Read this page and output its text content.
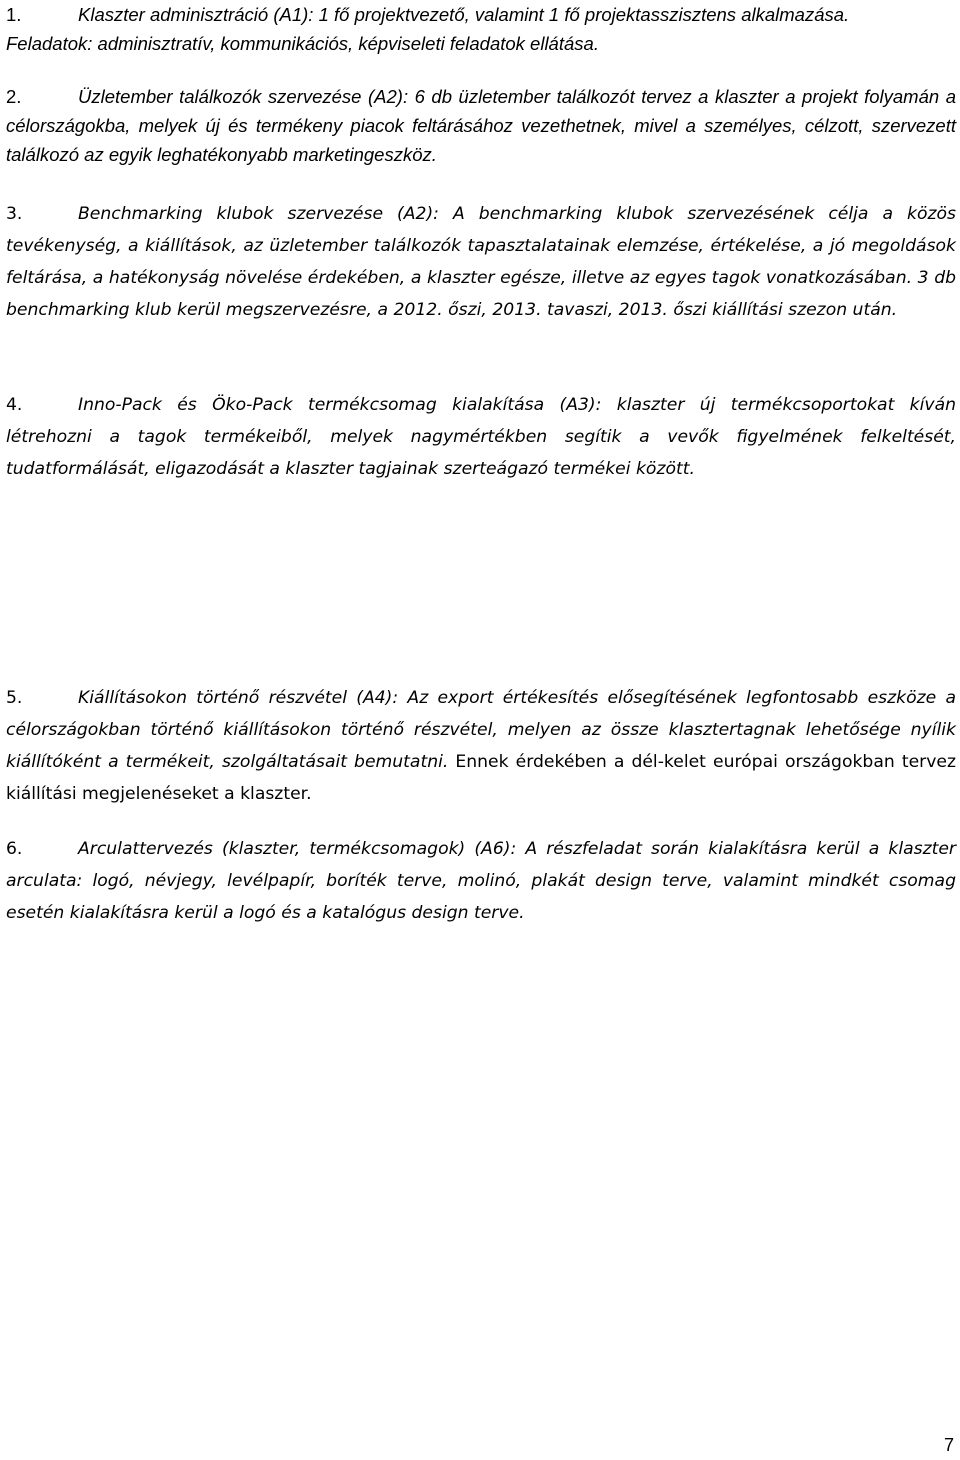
1.	Klaszter adminisztráció (A1): 1 fő projektvezető, valamint 1 fő projektasszisztens alkalmazása.
Feladatok: adminisztratív, kommunikációs, képviseleti feladatok ellátása.
2.	Üzletember találkozók szervezése (A2): 6 db üzletember találkozót tervez a klaszter a projekt folyamán a célországokba, melyek új és termékeny piacok feltárásához vezethetnek, mivel a személyes, célzott, szervezett találkozó az egyik leghatékonyabb marketingeszköz.
3.	Benchmarking klubok szervezése (A2): A benchmarking klubok szervezésének célja a közös tevékenység, a kiállítások, az üzletember találkozók tapasztalatainak elemzése, értékelése, a jó megoldások feltárása, a hatékonyság növelése érdekében, a klaszter egésze, illetve az egyes tagok vonatkozásában. 3 db benchmarking klub kerül megszervezésre, a 2012. őszi, 2013. tavaszi, 2013. őszi kiállítási szezon után.
4.	Inno-Pack és Öko-Pack termékcsomag kialakítása (A3): klaszter új termékcsoportokat kíván létrehozni a tagok termékeiből, melyek nagymértékben segítik a vevők figyelmének felkeltését, tudatformálását, eligazodását a klaszter tagjainak szerteágazó termékei között.
5.	Kiállításokon történő részvétel (A4): Az export értékesítés elősegítésének legfontosabb eszköze a célországokban történő kiállításokon történő részvétel, melyen az össze klasztertagnak lehetősége nyílik kiállítóként a termékeit, szolgáltatásait bemutatni. Ennek érdekében a dél-kelet európai országokban tervez kiállítási megjelenéseket a klaszter.
6.	Arculattervezés (klaszter, termékcsomagok) (A6): A részfeladat során kialakításra kerül a klaszter arculata: logó, névjegy, levélpapír, boríték terve, molinó, plakát design terve, valamint mindkét csomag esetén kialakításra kerül a logó és a katalógus design terve.
7
